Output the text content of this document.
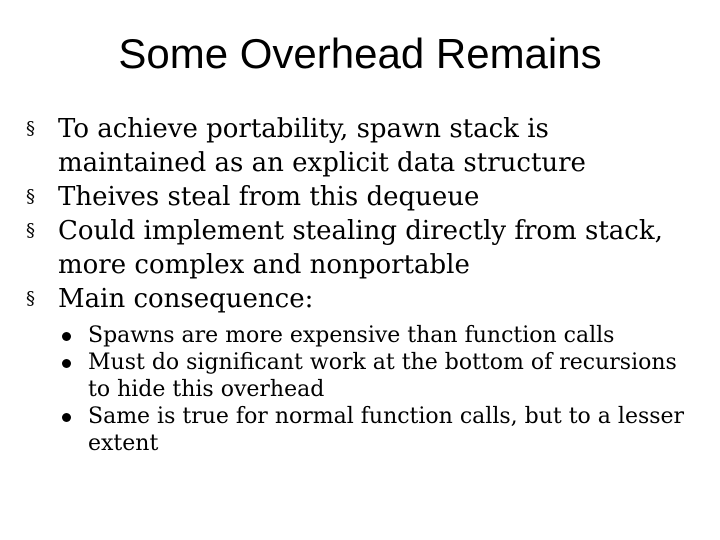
Some Overhead Remains
§ To achieve portability, spawn stack is maintained as an explicit data structure
§ Theives steal from this dequeue
§ Could implement stealing directly from stack, more complex and nonportable
§ Main consequence:
Spawns are more expensive than function calls
Must do significant work at the bottom of recursions to hide this overhead
Same is true for normal function calls, but to a lesser extent
